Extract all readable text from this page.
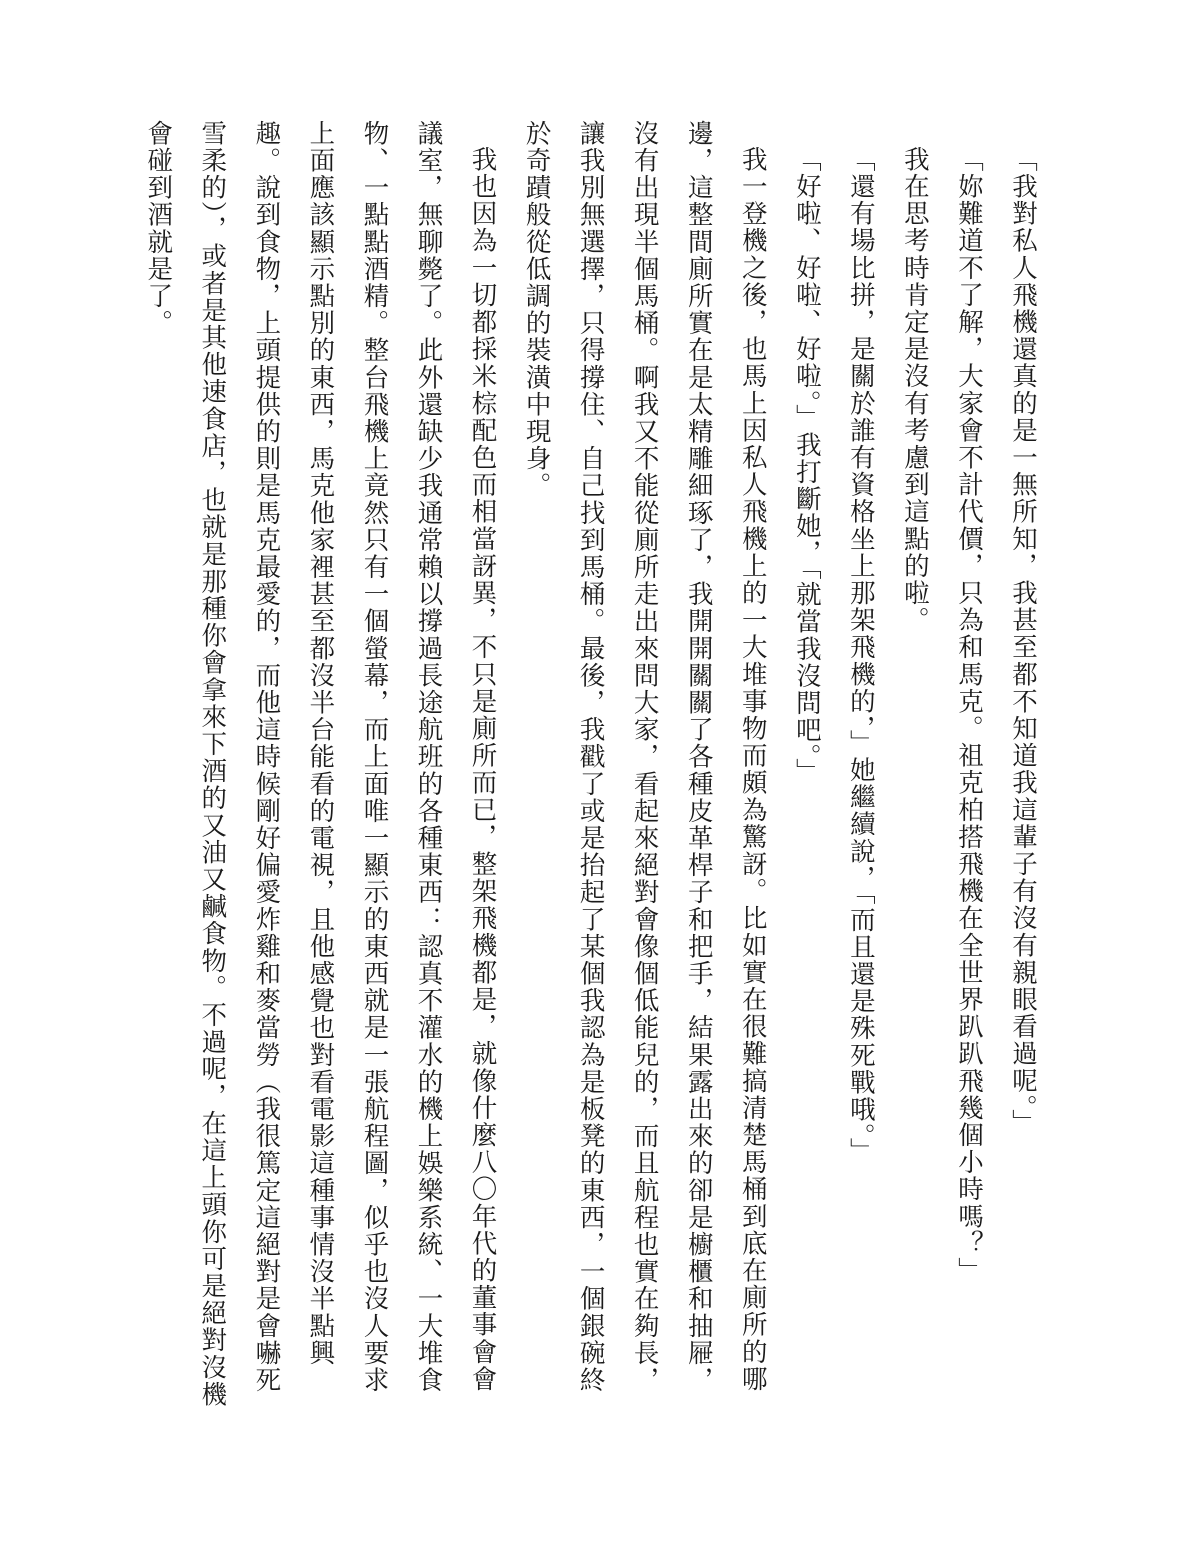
「我對私人飛機還真的是一無所知，我甚至都不知道我這輩子有沒有親眼看過呢。」

「妳難道不了解，大家會不計代價，只為和馬克。祖克柏搭飛機在全世界趴趴飛幾個小時嗎？」

我在思考時肯定是沒有考慮到這點的啦。

「還有場比拼，是關於誰有資格坐上那架飛機的，」她繼續說，「而且還是殊死戰哦。」

「好啦、好啦、好啦。」我打斷她，「就當我沒問吧。」

我一登機之後，也馬上因私人飛機上的一大堆事物而頗為驚訝。比如實在很難搞清楚馬桶到底在廁所的哪邊，這整間廁所實在是太精雕細琢了，我開開關關了各種皮革桿子和把手，結果露出來的卻是櫥櫃和抽屜，沒有出現半個馬桶。啊我又不能從廁所走出來問大家，看起來絕對會像個低能兒的，而且航程也實在夠長，讓我別無選擇，只得撐住、自己找到馬桶。最後，我戳了或是抬起了某個我認為是板凳的東西，一個銀碗終於奇蹟般從低調的裝潢中現身。

我也因為一切都採米棕配色而相當訝異，不只是廁所而已，整架飛機都是，就像什麼八〇年代的董事會會議室，無聊斃了。此外還缺少我通常賴以撐過長途航班的各種東西：認真不灌水的機上娛樂系統、一大堆食物、一點點酒精。整台飛機上竟然只有一個螢幕，而上面唯一顯示的東西就是一張航程圖，似乎也沒人要求上面應該顯示點別的東西，馬克他家裡甚至都沒半台能看的電視，且他感覺也對看電影這種事情沒半點興趣。說到食物，上頭提供的則是馬克最愛的，而他這時候剛好偏愛炸雞和麥當勞（我很篤定這絕對是會嚇死雪柔的），或者是其他速食店，也就是那種你會拿來下酒的又油又鹹食物。不過呢，在這上頭你可是絕對沒機會碰到酒就是了。
